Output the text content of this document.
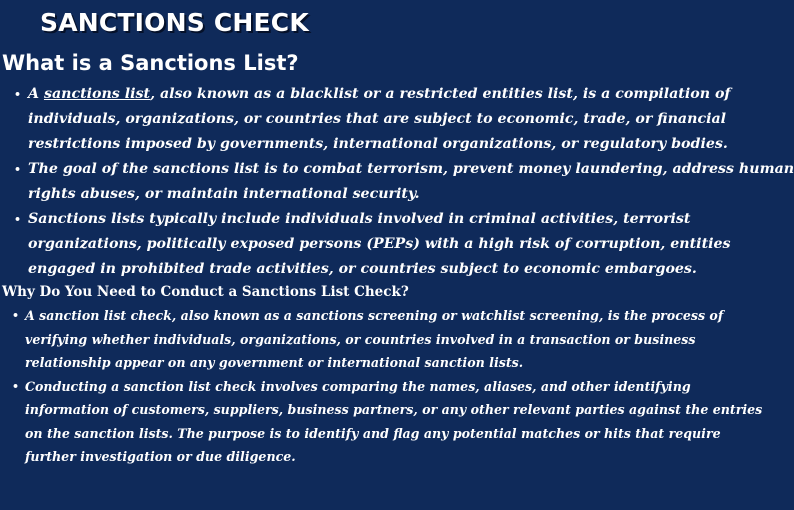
SANCTIONS CHECK
What is a Sanctions List?
• A sanctions list, also known as a blacklist or a restricted entities list, is a compilation of
individuals, organizations, or countries that are subject to economic, trade, or financial
restrictions imposed by governments, international organizations, or regulatory bodies.
• The goal of the sanctions list is to combat terrorism, prevent money laundering, address human
rights abuses, or maintain international security.
• Sanctions lists typically include individuals involved in criminal activities, terrorist
organizations, politically exposed persons (PEPs) with a high risk of corruption, entities
engaged in prohibited trade activities, or countries subject to economic embargoes.
Why Do You Need to Conduct a Sanctions List Check?
• A sanction list check, also known as a sanctions screening or watchlist screening, is the process of
verifying whether individuals, organizations, or countries involved in a transaction or business
relationship appear on any government or international sanction lists.
• Conducting a sanction list check involves comparing the names, aliases, and other identifying
information of customers, suppliers, business partners, or any other relevant parties against the entries
on the sanction lists. The purpose is to identify and flag any potential matches or hits that require
further investigation or due diligence.
